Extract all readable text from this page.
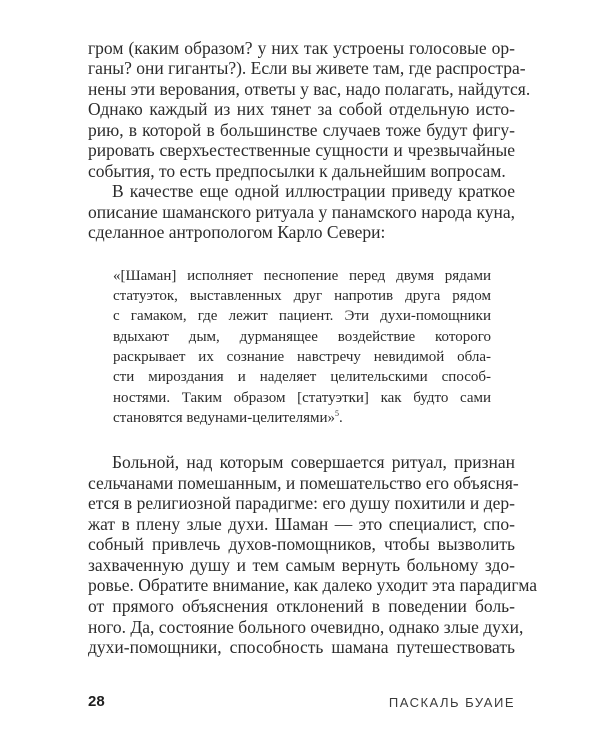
гром (каким образом? у них так устроены голосовые ор-
ганы? они гиганты?). Если вы живете там, где распростра-
нены эти верования, ответы у вас, надо полагать, найдутся.
Однако каждый из них тянет за собой отдельную исто-
рию, в которой в большинстве случаев тоже будут фигу-
рировать сверхъестественные сущности и чрезвычайные
события, то есть предпосылки к дальнейшим вопросам.
В качестве еще одной иллюстрации приведу краткое
описание шаманского ритуала у панамского народа куна,
сделанное антропологом Карло Севери:
«[Шаман] исполняет песнопение перед двумя рядами
статуэток, выставленных друг напротив друга рядом
с гамаком, где лежит пациент. Эти духи-помощники
вдыхают дым, дурманящее воздействие которого
раскрывает их сознание навстречу невидимой обла-
сти мироздания и наделяет целительскими способ-
ностями. Таким образом [статуэтки] как будто сами
становятся ведунами-целителями»$^5$.
Больной, над которым совершается ритуал, признан
сельчанами помешанным, и помешательство его объясня-
ется в религиозной парадигме: его душу похитили и дер-
жат в плену злые духи. Шаман — это специалист, спо-
собный привлечь духов-помощников, чтобы вызволить
захваченную душу и тем самым вернуть больному здо-
ровье. Обратите внимание, как далеко уходит эта парадигма
от прямого объяснения отклонений в поведении боль-
ного. Да, состояние больного очевидно, однако злые духи,
духи-помощники, способность шамана путешествовать
28	ПАСКАЛЬ БУАИЕ
